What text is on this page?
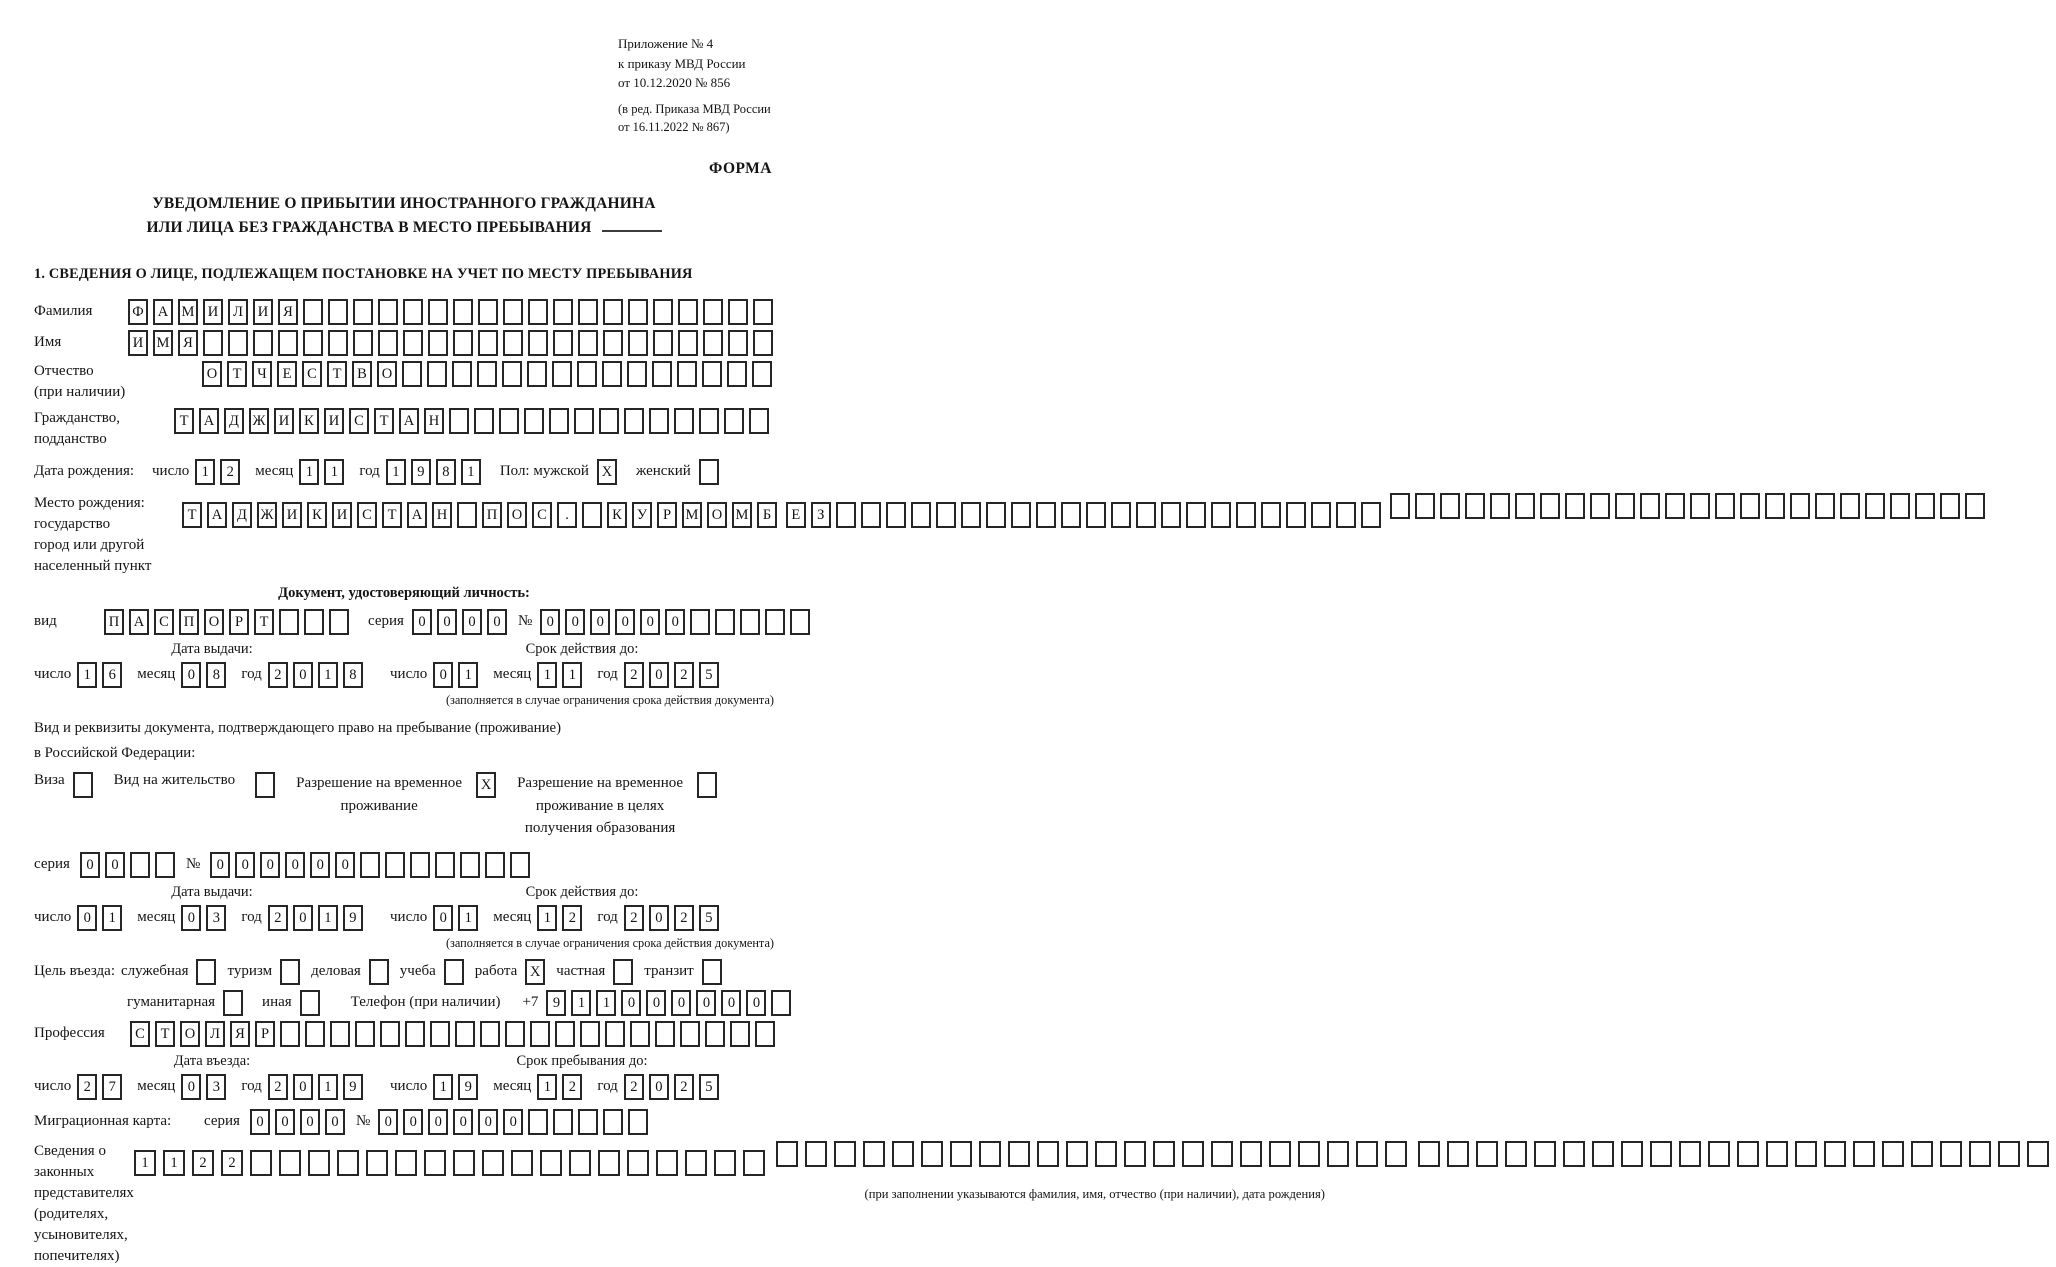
Приложение № 4
к приказу МВД России
от 10.12.2020 № 856
(в ред. Приказа МВД России
от 16.11.2022 № 867)
ФОРМА
УВЕДОМЛЕНИЕ О ПРИБЫТИИ ИНОСТРАННОГО ГРАЖДАНИНА
ИЛИ ЛИЦА БЕЗ ГРАЖДАНСТВА В МЕСТО ПРЕБЫВАНИЯ
1. СВЕДЕНИЯ О ЛИЦЕ, ПОДЛЕЖАЩЕМ ПОСТАНОВКЕ НА УЧЕТ ПО МЕСТУ ПРЕБЫВАНИЯ
Фамилия	Ф А М И	Л	И	Я
Имя	И М Я
Отчество
(при наличии)
О	Т	Ч	Е	С	Т	В	О
Гражданство,
подданство
Т	А	Д Ж И	К	И	С	Т	А	Н
Дата рождения:	число 1	2	месяц 1	1	год 1	9	8	1	Пол: мужской X	женский
Место рождения:
государство
город или другой
населенный пункт
Т	А	Д Ж И	К	И	С	Т	А	Н	П	О	С	.	К	У	Р	М О М Б
	Е	З

Документ, удостоверяющий личность:
вид	П	А	С	П	О	Р	Т	серия 0	0	0	0	№ 0	0	0	0	0	0
Дата выдачи:
число 1	6	месяц 0	8	год 2	0	1	8
Срок действия до:
число 0	1	месяц 1	1	год 2	0	2	5
(заполняется в случае ограничения срока действия документа)
Вид и реквизиты документа, подтверждающего право на пребывание (проживание)
в Российской Федерации:
Виза	Вид на жительство	Разрешение на временное
проживание
X	Разрешение на временное
проживание в целях
получения образования
серия	0	0	№	0	0	0	0	0	0
Дата выдачи:
число 0	1	месяц 0	3	год 2	0	1	9
Срок действия до:
число 0	1	месяц 1	2	год 2	0	2	5
(заполняется в случае ограничения срока действия документа)
Цель въезда: служебная	туризм	деловая	учеба	работа X	частная	транзит
гуманитарная	иная	Телефон (при наличии) +7 9	1	1	0	0	0	0	0	0
Профессия	С	Т	О	Л	Я	Р
Дата въезда:
число 2	7	месяц 0	3	год 2	0	1	9
Срок пребывания до:
число 1	9	месяц 1	2	год 2	0	2	5
Миграционная карта:	серия	0	0	0	0	№ 0	0	0	0	0	0
Сведения о
законных
представителях
(родителях,
усыновителях,
попечителях)
1	1	2	2

(при заполнении указываются фамилия, имя, отчество (при наличии), дата рождения)
